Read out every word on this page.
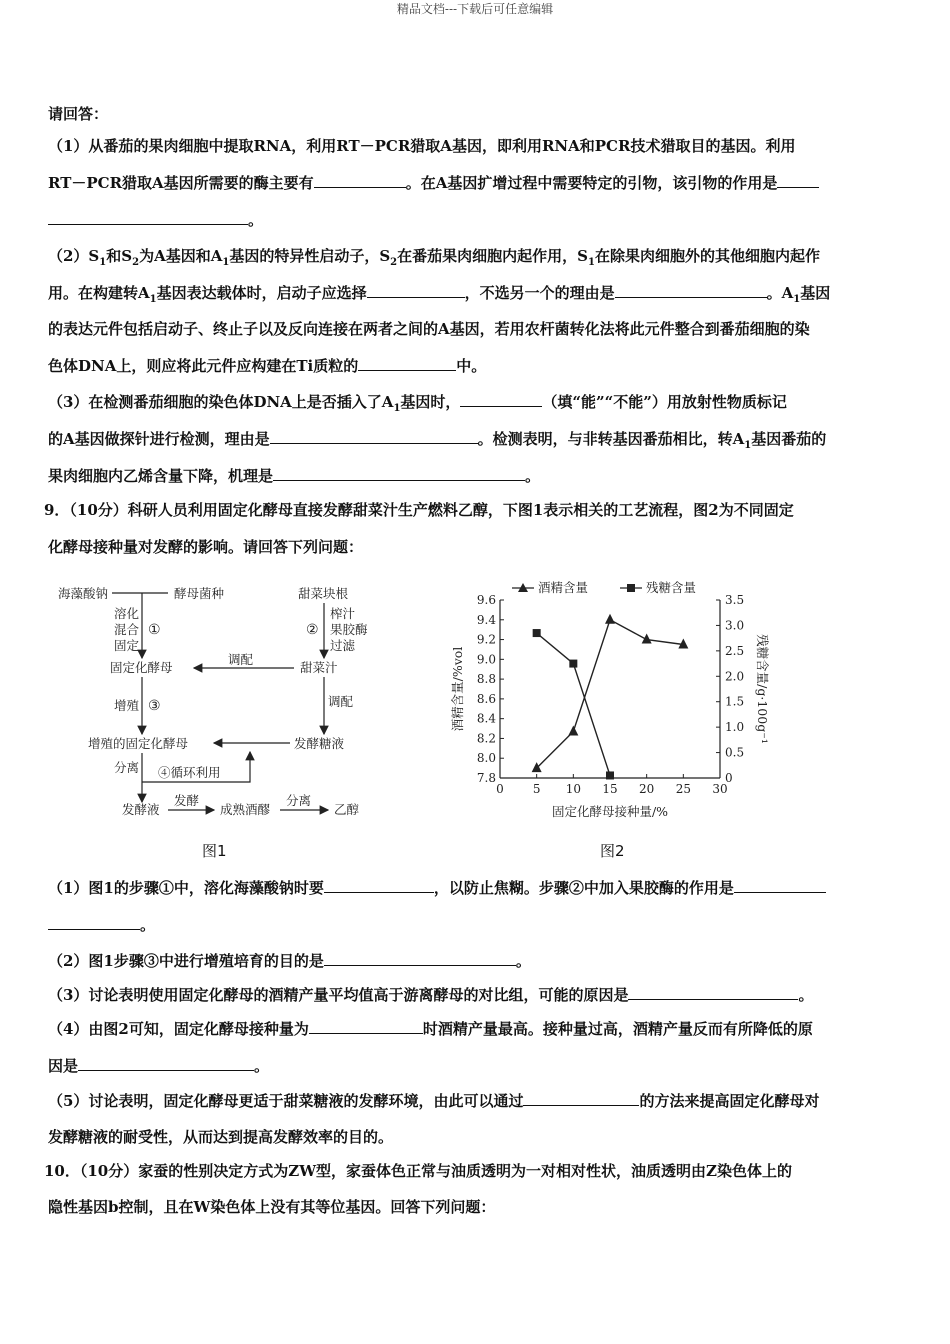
精品文档---下载后可任意编辑
请回答：
（1）从番茄的果肉细胞中提取RNA，利用RT－PCR猎取A基因，即利用RNA和PCR技术猎取目的基因。利用
RT－PCR猎取A基因所需要的酶主要有	。在A基因扩增过程中需要特定的引物，该引物的作用是
。
$(2)S_1$和$S_2$为A基因和$A_1$基因的特异性启动子，$S_2$在番茄果肉细胞内起作用，$S_1$在除果肉细胞外的其他细胞内起作
用。在构建转$A_1$基因表达载体时，启动子应选择	，不选另一个的理由是	。$A_1$基因
的表达元件包括启动子、终止子以及反向连接在两者之间的A基因，若用农杆菌转化法将此元件整合到番茄细胞的染
色体DNA上，则应将此元件应构建在Ti质粒的	中。
（3）在检测番茄细胞的染色体DNA上是否插入了$A_1$基因时，	（填“能”“不能”）用放射性物质标记
的A基因做探针进行检测，理由是	。检测表明，与非转基因番茄相比，转$A_1$基因番茄的
果肉细胞内乙烯含量下降，机理是	。
9．（10分）科研人员利用固定化酵母直接发酵甜菜汁生产燃料乙醇，下图1表示相关的工艺流程，图2为不同固定
化酵母接种量对发酵的影响。请回答下列问题：
海藻酸钠	酵母菌种
溶化
混合
固定
①
甜菜块根
榨汁
果胶酶
过滤
②
固定化酵母
调配
甜菜汁
增殖 ③	调配
增殖的固定化酵母	发酵糖液
分离 ④循环利用
发酵液
发酵
成熟酒醪
分离
乙醇
图1
0 5 10 15 20 25 30
7.8
8.0
8.2
8.4
8.6
8.8
9.0
9.2
9.4
9.6
0
0.5
1.0
1.5
2.0
2.5
3.0
3.5
固定化酵母接种量/%
酒精含量/%vol	残糖含量/g·100g⁻¹
酒精含量	残糖含量
图2
（1）图1的步骤①中，溶化海藻酸钠时要	，以防止焦糊。步骤②中加入果胶酶的作用是
。
（2）图1步骤③中进行增殖培育的目的是	。
（3）讨论表明使用固定化酵母的酒精产量平均值高于游离酵母的对比组，可能的原因是	。
（4）由图2可知，固定化酵母接种量为	时酒精产量最高。接种量过高，酒精产量反而有所降低的原
因是	。
（5）讨论表明，固定化酵母更适于甜菜糖液的发酵环境，由此可以通过	的方法来提高固定化酵母对
发酵糖液的耐受性，从而达到提高发酵效率的目的。
10．（10分）家蚕的性别决定方式为ZW型，家蚕体色正常与油质透明为一对相对性状，油质透明由Z染色体上的
隐性基因b控制，且在W染色体上没有其等位基因。回答下列问题：
